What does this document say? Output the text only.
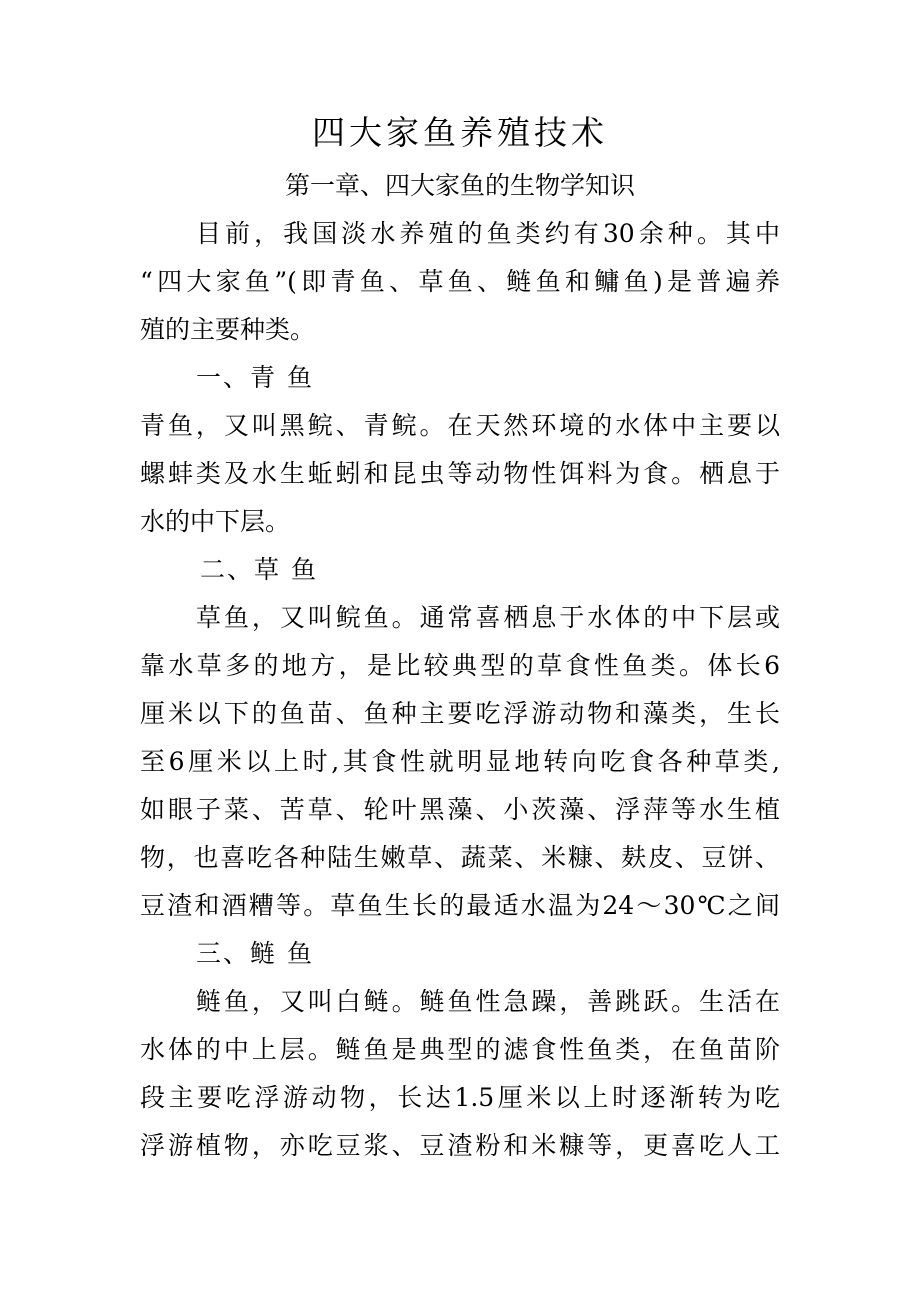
四大家鱼养殖技术
第一章、四大家鱼的生物学知识
目前，我国淡水养殖的鱼类约有30余种。其中
“四大家鱼”(即青鱼、草鱼、鲢鱼和鳙鱼)是普遍养
殖的主要种类。
一、青 鱼
青鱼，又叫黑鲩、青鲩。在天然环境的水体中主要以
螺蚌类及水生蚯蚓和昆虫等动物性饵料为食。栖息于
水的中下层。
二、草 鱼
草鱼，又叫鲩鱼。通常喜栖息于水体的中下层或
靠水草多的地方，是比较典型的草食性鱼类。体长6
厘米以下的鱼苗、鱼种主要吃浮游动物和藻类，生长
至6厘米以上时,其食性就明显地转向吃食各种草类,
如眼子菜、苦草、轮叶黑藻、小茨藻、浮萍等水生植
物，也喜吃各种陆生嫩草、蔬菜、米糠、麸皮、豆饼、
豆渣和酒糟等。草鱼生长的最适水温为24～30℃之间
三、鲢 鱼
鲢鱼，又叫白鲢。鲢鱼性急躁，善跳跃。生活在
水体的中上层。鲢鱼是典型的滤食性鱼类，在鱼苗阶
段主要吃浮游动物，长达1.5厘米以上时逐渐转为吃
浮游植物，亦吃豆浆、豆渣粉和米糠等，更喜吃人工
